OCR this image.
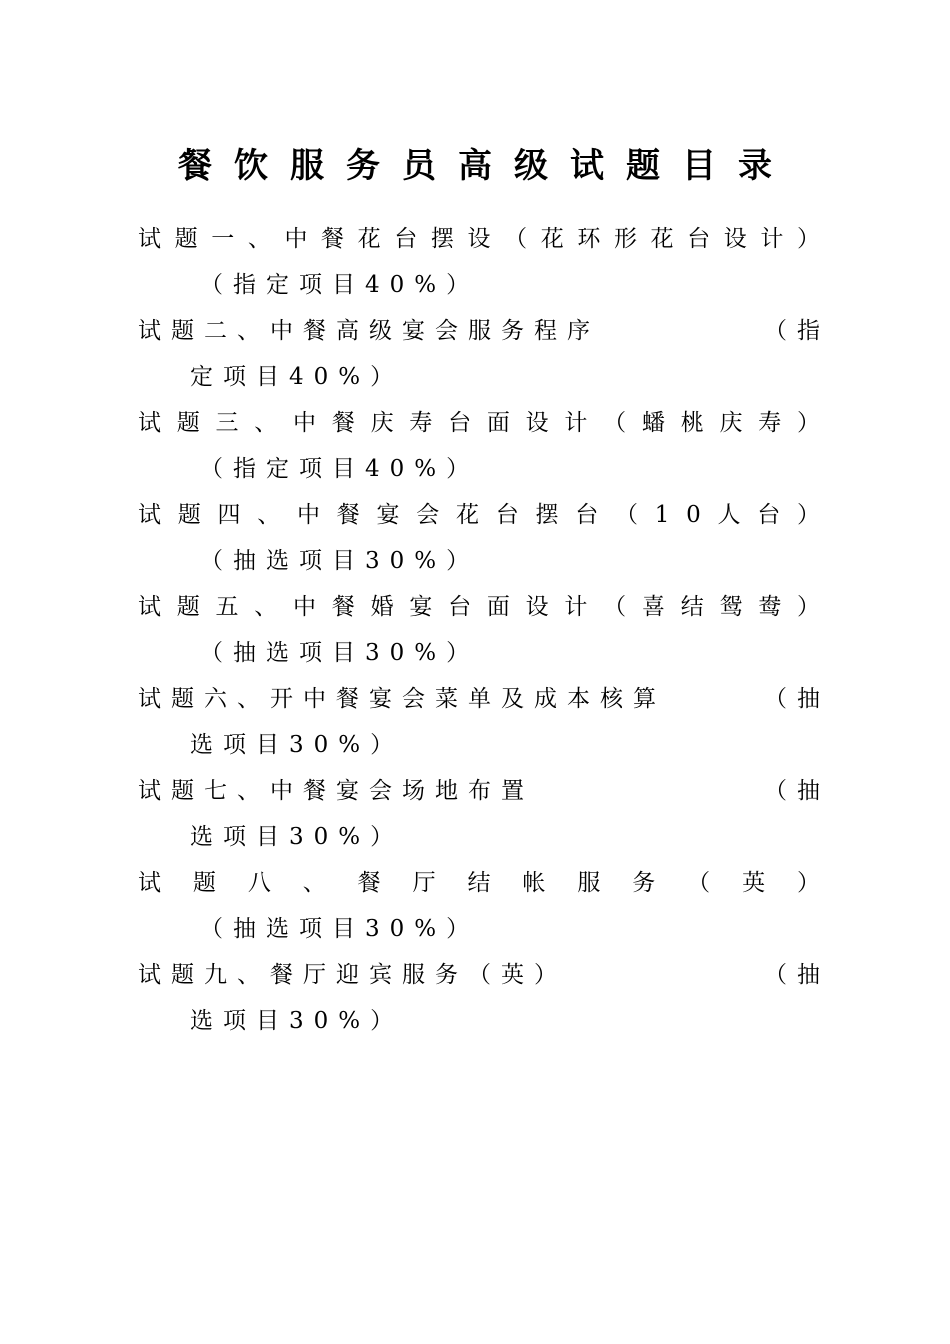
餐饮服务员高级试题目录
试题一、中餐花台摆设（花环形花台设计）
（指定项目40%）
试题二、中餐高级宴会服务程序	（指
定项目40%）
试题三、中餐庆寿台面设计（蟠桃庆寿）
（指定项目40%）
试题四、中餐宴会花台摆台（10人台）
（抽选项目30%）
试题五、中餐婚宴台面设计（喜结鸳鸯）
（抽选项目30%）
试题六、开中餐宴会菜单及成本核算	（抽
选项目30%）
试题七、中餐宴会场地布置	（抽
选项目30%）
试题八、餐厅结帐服务（英）
（抽选项目30%）
试题九、餐厅迎宾服务（英）	（抽
选项目30%）
